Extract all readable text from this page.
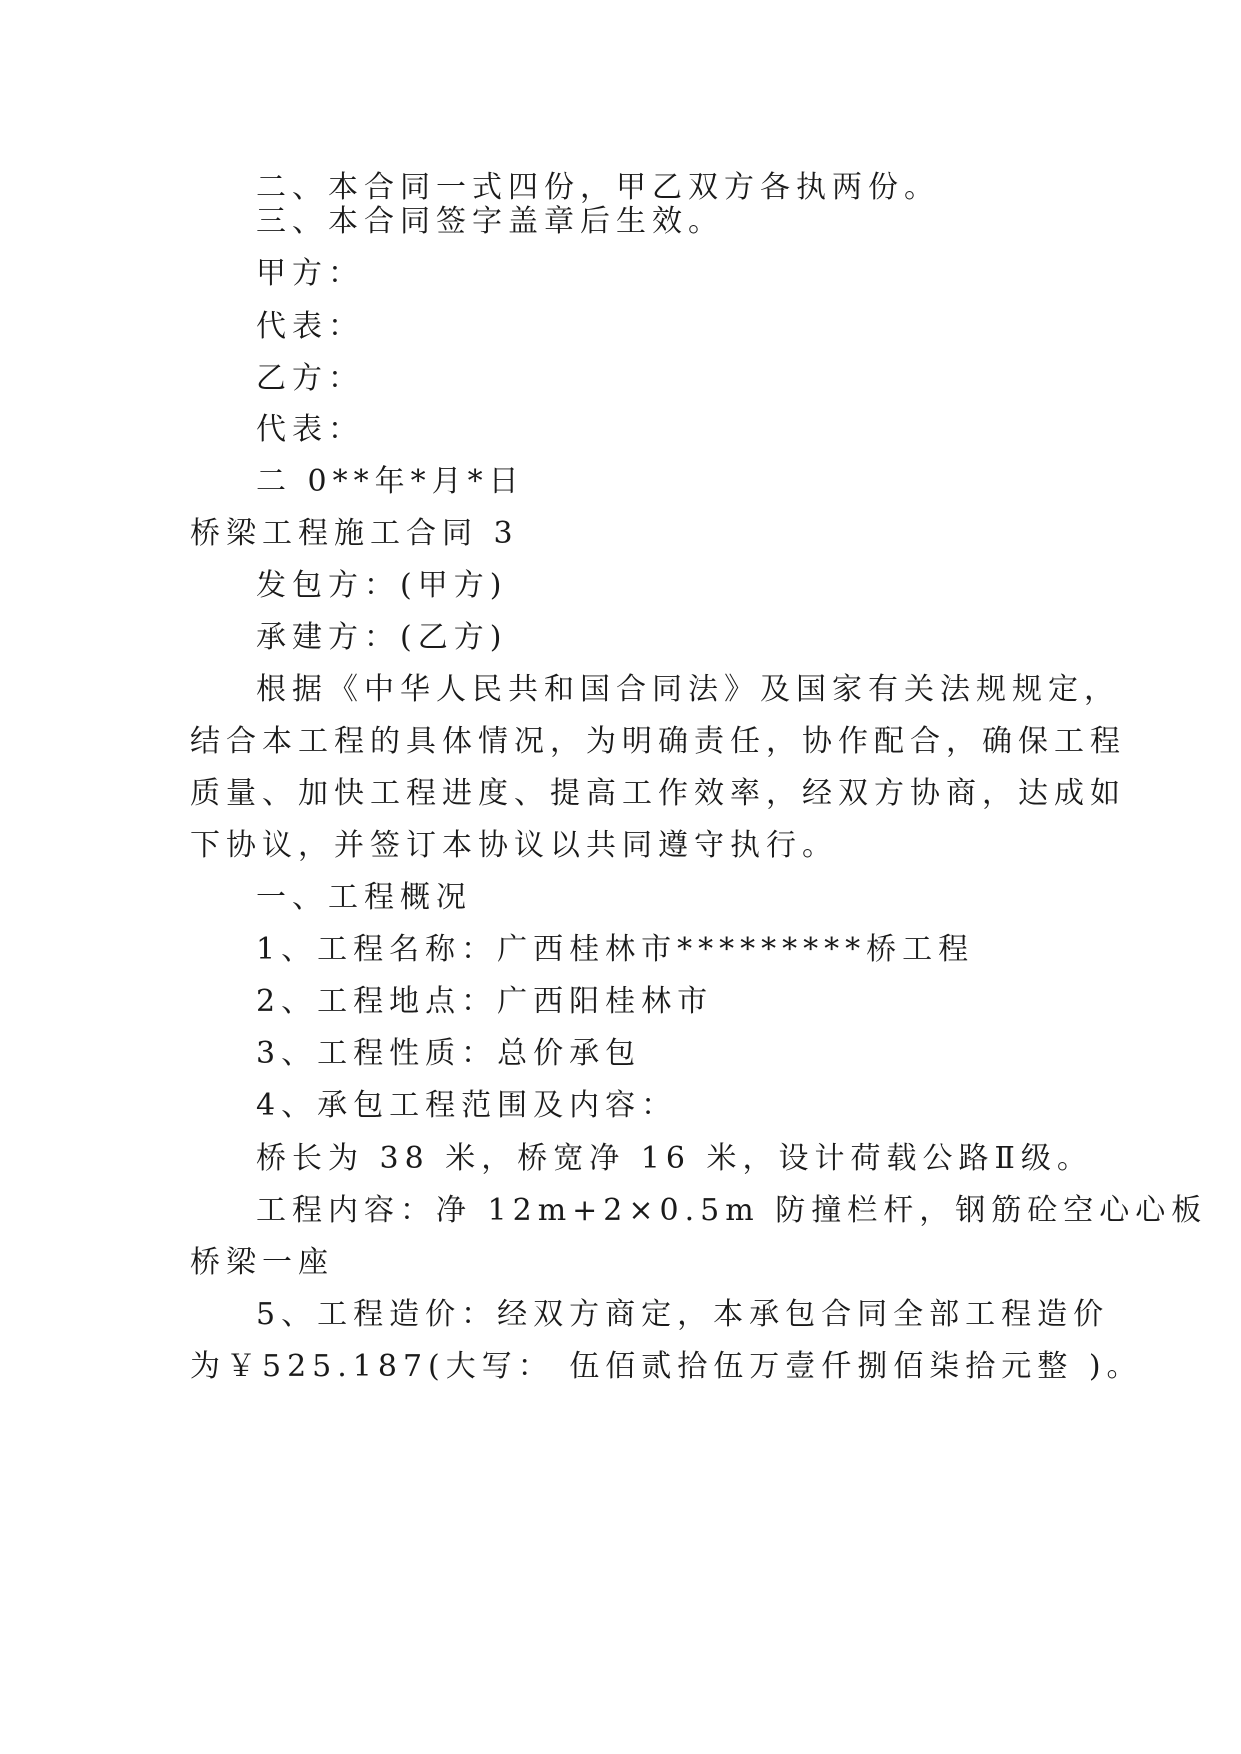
二、本合同一式四份，甲乙双方各执两份。
三、本合同签字盖章后生效。
甲方：
代表：
乙方：
代表：
二 0**年*月*日
桥梁工程施工合同 3
发包方：(甲方)
承建方：(乙方)
根据《中华人民共和国合同法》及国家有关法规规定，
结合本工程的具体情况，为明确责任，协作配合，确保工程
质量、加快工程进度、提高工作效率，经双方协商，达成如
下协议，并签订本协议以共同遵守执行。
一、工程概况
1、工程名称：广西桂林市*********桥工程
2、工程地点：广西阳桂林市
3、工程性质：总价承包
4、承包工程范围及内容：
桥长为 38 米，桥宽净 16 米，设计荷载公路Ⅱ级。
工程内容：净 12m+2×0.5m 防撞栏杆，钢筋砼空心心板
桥梁一座
5、工程造价：经双方商定，本承包合同全部工程造价
为￥525.187(大写： 伍佰贰拾伍万壹仟捌佰柒拾元整 )。
